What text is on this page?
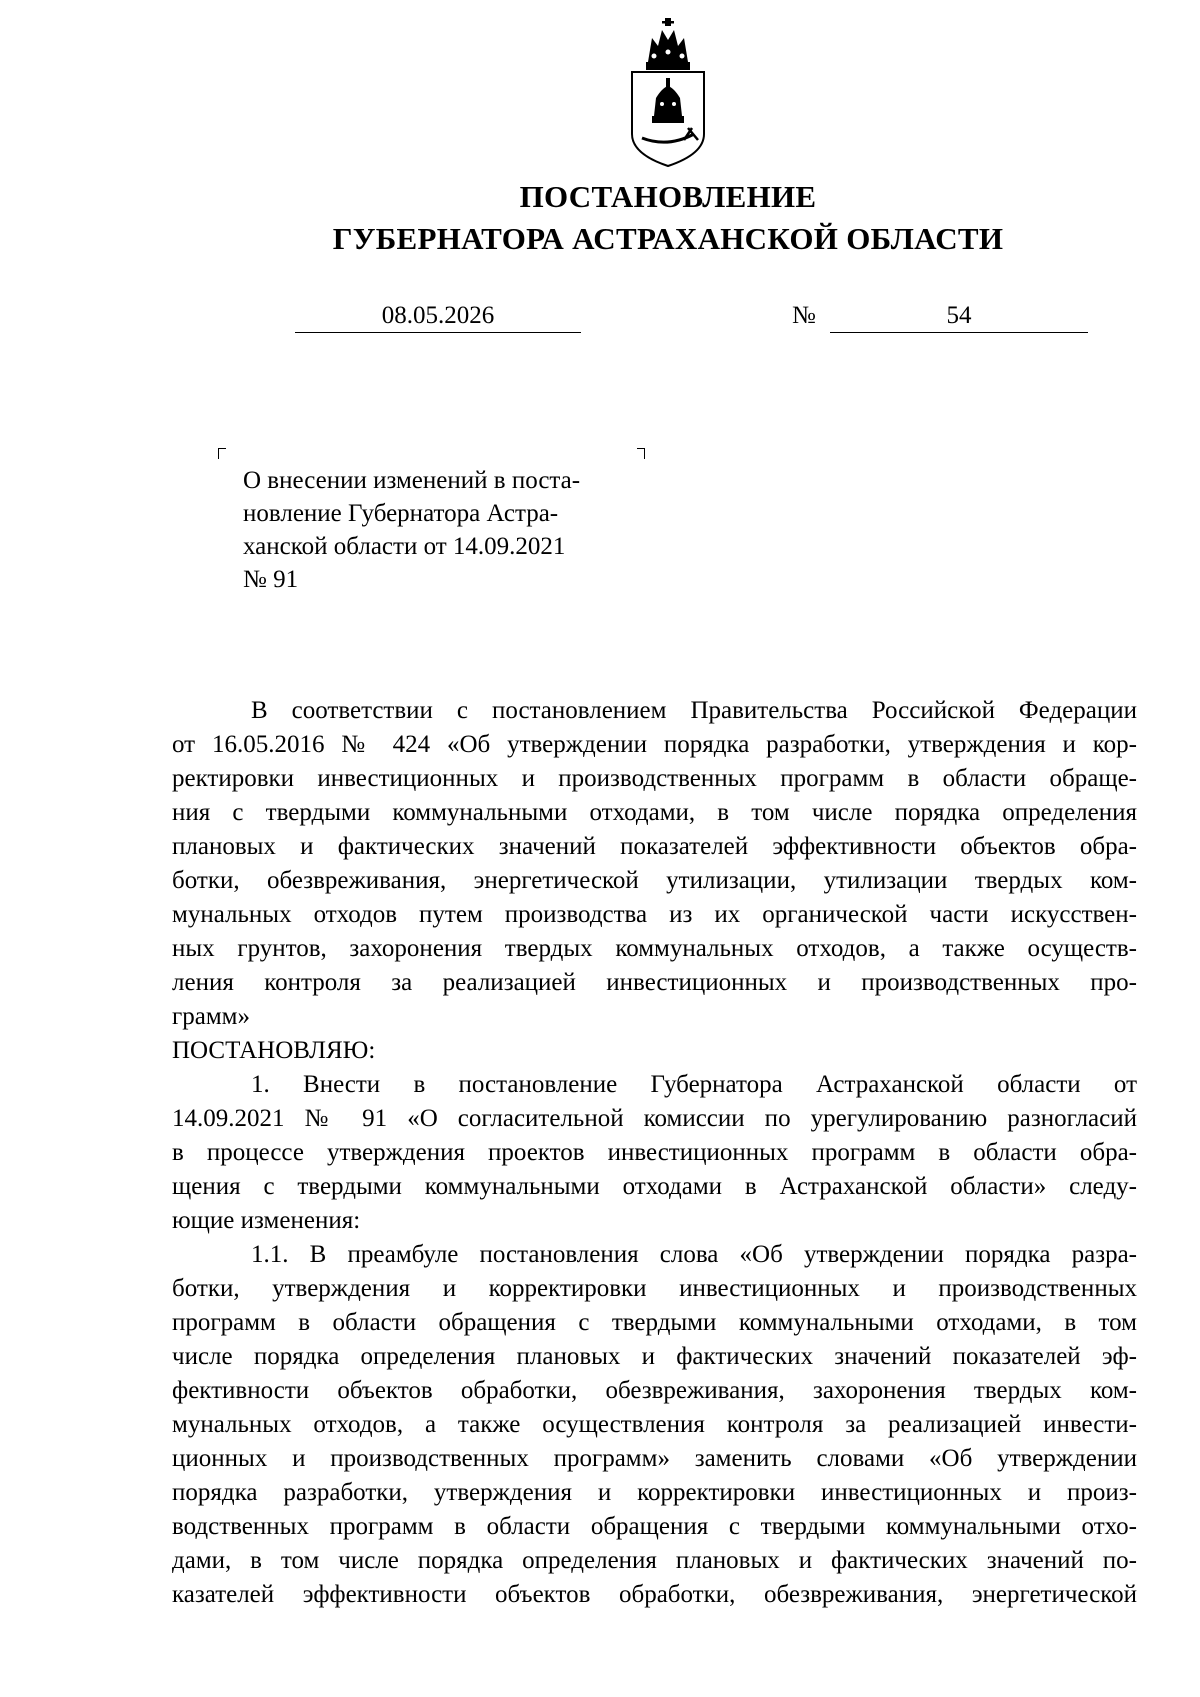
ПОСТАНОВЛЕНИЕ
ГУБЕРНАТОРА АСТРАХАНСКОЙ ОБЛАСТИ
08.05.2026	№	54
О внесении изменений в поста-
новление Губернатора Астра-
ханской области от 14.09.2021
№ 91
В соответствии с постановлением Правительства Российской Федерации
от 16.05.2016 № 424 «Об утверждении порядка разработки, утверждения и кор-
ректировки инвестиционных и производственных программ в области обраще-
ния с твердыми коммунальными отходами, в том числе порядка определения
плановых и фактических значений показателей эффективности объектов обра-
ботки, обезвреживания, энергетической утилизации, утилизации твердых ком-
мунальных отходов путем производства из их органической части искусствен-
ных грунтов, захоронения твердых коммунальных отходов, а также осуществ-
ления контроля за реализацией инвестиционных и производственных про-
грамм»
ПОСТАНОВЛЯЮ:
1. Внести в постановление Губернатора Астраханской области от
14.09.2021 № 91 «О согласительной комиссии по урегулированию разногласий
в процессе утверждения проектов инвестиционных программ в области обра-
щения с твердыми коммунальными отходами в Астраханской области» следу-
ющие изменения:
1.1. В преамбуле постановления слова «Об утверждении порядка разра-
ботки, утверждения и корректировки инвестиционных и производственных
программ в области обращения с твердыми коммунальными отходами, в том
числе порядка определения плановых и фактических значений показателей эф-
фективности объектов обработки, обезвреживания, захоронения твердых ком-
мунальных отходов, а также осуществления контроля за реализацией инвести-
ционных и производственных программ» заменить словами «Об утверждении
порядка разработки, утверждения и корректировки инвестиционных и произ-
водственных программ в области обращения с твердыми коммунальными отхо-
дами, в том числе порядка определения плановых и фактических значений по-
казателей эффективности объектов обработки, обезвреживания, энергетической
